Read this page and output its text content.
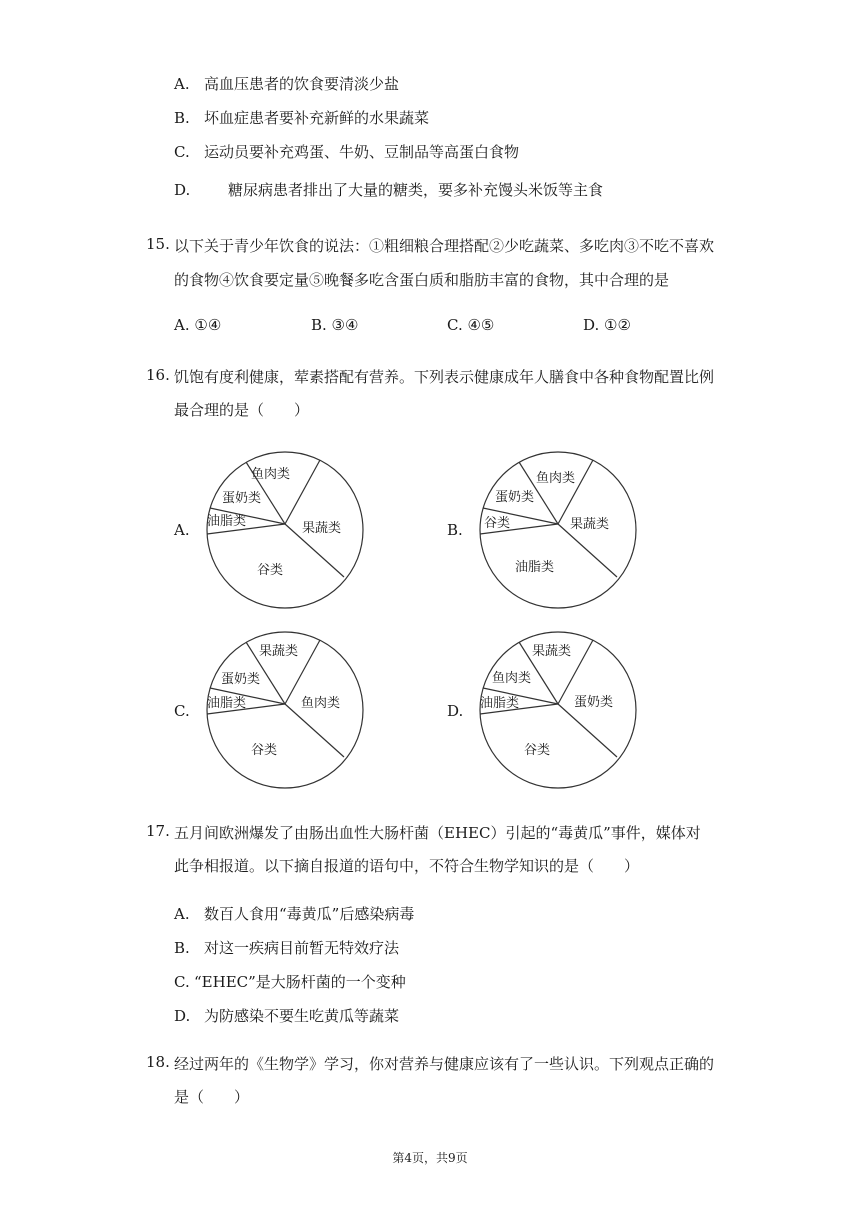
A. 高血压患者的饮食要清淡少盐
B. 坏血症患者要补充新鲜的水果蔬菜
C. 运动员要补充鸡蛋、牛奶、豆制品等高蛋白食物
D.	糖尿病患者排出了大量的糖类，要多补充馒头米饭等主食
15. 以下关于青少年饮食的说法：①粗细粮合理搭配②少吃蔬菜、多吃肉③不吃不喜欢
的食物④饮食要定量⑤晚餐多吃含蛋白质和脂肪丰富的食物，其中合理的是
A. ①④	B. ③④	C. ④⑤	D. ①②
16. 饥饱有度利健康，荤素搭配有营养。下列表示健康成年人膳食中各种食物配置比例
最合理的是（　　）
A.	B.
C.	D.
鱼肉类
果蔬类
谷类
油脂类
蛋奶类
鱼肉类
果蔬类
油脂类
谷类
蛋奶类
果蔬类
鱼肉类
谷类
油脂类
蛋奶类
果蔬类
蛋奶类
谷类
油脂类
鱼肉类
17. 五月间欧洲爆发了由肠出血性大肠杆菌（EHEC）引起的“毒黄瓜”事件，媒体对
此争相报道。以下摘自报道的语句中，不符合生物学知识的是（　　）
A. 数百人食用“毒黄瓜”后感染病毒
B. 对这一疾病目前暂无特效疗法
C. “EHEC”是大肠杆菌的一个变种
D. 为防感染不要生吃黄瓜等蔬菜
18. 经过两年的《生物学》学习，你对营养与健康应该有了一些认识。下列观点正确的
是（　　）
第4页，共9页
